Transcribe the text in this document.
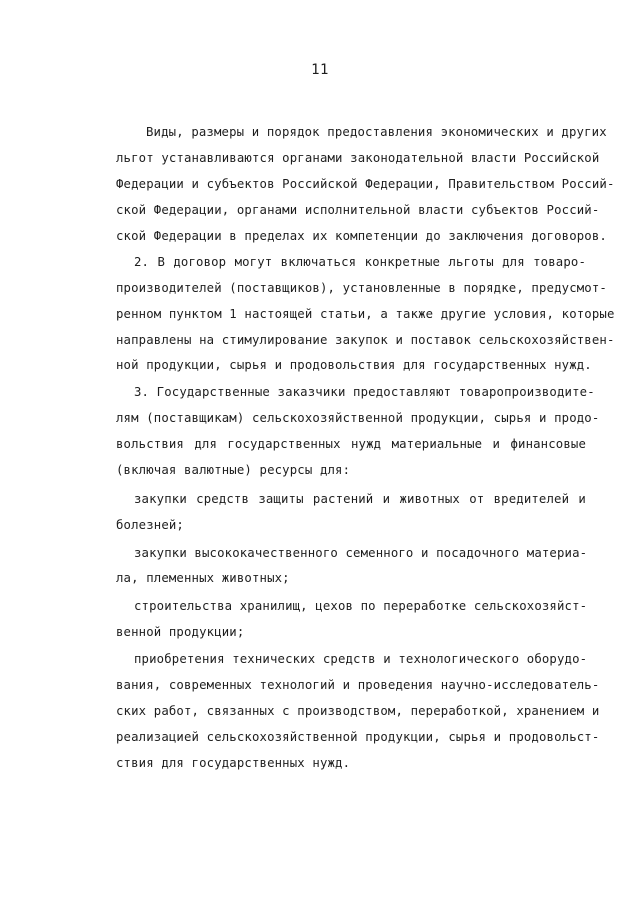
11
Виды, размеры и порядок предоставления экономических и других
льгот устанавливаются органами законодательной власти Российской
Федерации и субъектов Российской Федерации, Правительством Россий-
ской Федерации, органами исполнительной власти субъектов Россий-
ской Федерации в пределах их компетенции до заключения договоров.
2. В договор могут включаться конкретные льготы для товаро-
производителей (поставщиков), установленные в порядке, предусмот-
ренном пунктом 1 настоящей статьи, а также другие условия, которые
направлены на стимулирование закупок и поставок сельскохозяйствен-
ной продукции, сырья и продовольствия для государственных нужд.
3. Государственные заказчики предоставляют товаропроизводите-
лям (поставщикам) сельскохозяйственной продукции, сырья и продо-
вольствия для государственных нужд материальные и финансовые
(включая валютные) ресурсы для:
закупки средств защиты растений и животных от вредителей и
болезней;
закупки высококачественного семенного и посадочного материа-
ла, племенных животных;
строительства хранилищ, цехов по переработке сельскохозяйст-
венной продукции;
приобретения технических средств и технологического оборудо-
вания, современных технологий и проведения научно-исследователь-
ских работ, связанных с производством, переработкой, хранением и
реализацией сельскохозяйственной продукции, сырья и продовольст-
ствия для государственных нужд.
